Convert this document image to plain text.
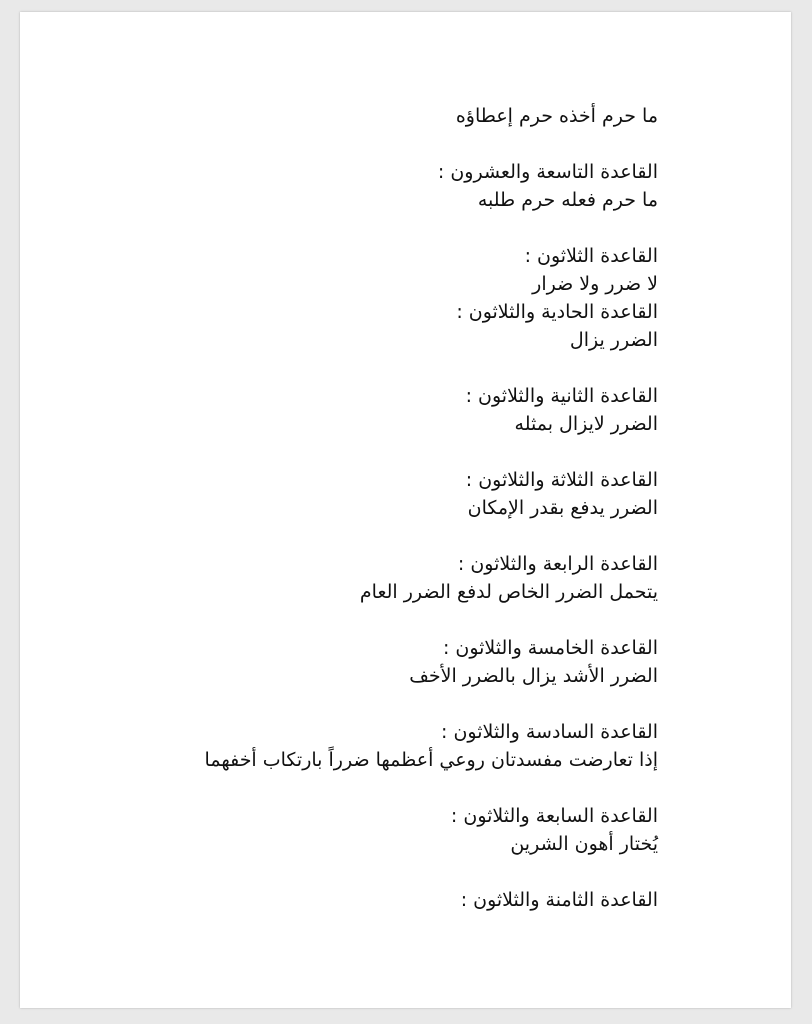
ما حرم أخذه حرم إعطاؤه
القاعدة التاسعة والعشرون :
ما حرم فعله حرم طلبه
القاعدة الثلاثون :
لا ضرر ولا ضرار
القاعدة الحادية والثلاثون :
الضرر يزال
القاعدة الثانية والثلاثون :
الضرر لايزال بمثله
القاعدة الثلاثة والثلاثون :
الضرر يدفع بقدر الإمكان
القاعدة الرابعة والثلاثون :
يتحمل الضرر الخاص لدفع الضرر العام
القاعدة الخامسة والثلاثون :
الضرر الأشد يزال بالضرر الأخف
القاعدة السادسة والثلاثون :
إذا تعارضت مفسدتان روعي أعظمها ضرراً بارتكاب أخفهما
القاعدة السابعة والثلاثون :
يُختار أهون الشرين
القاعدة الثامنة والثلاثون :
